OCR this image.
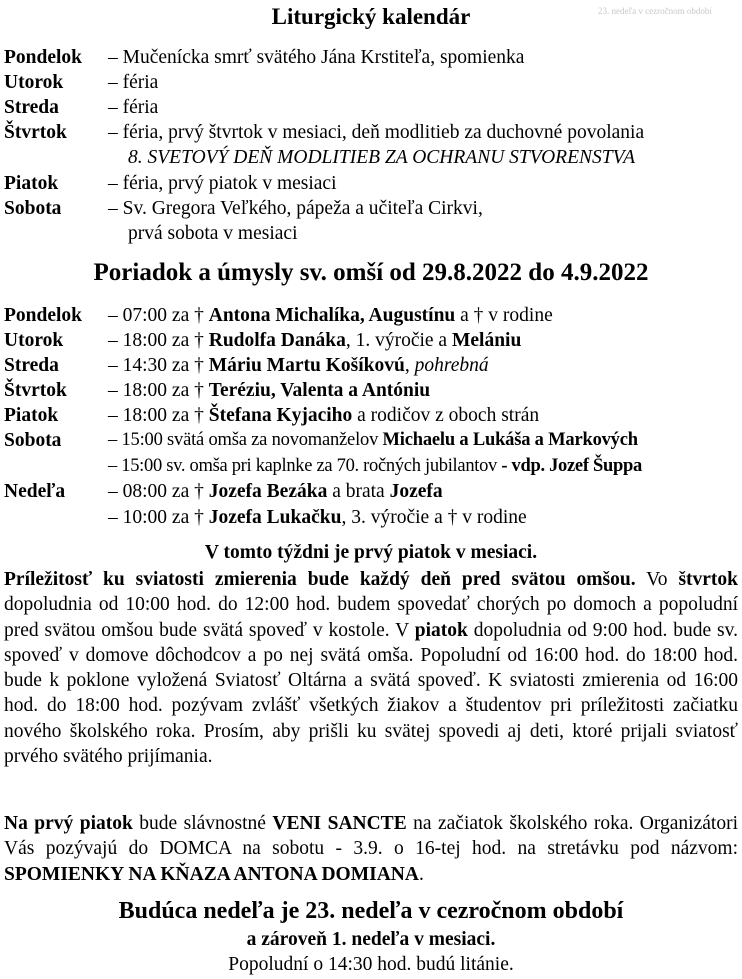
23. nedeľa v cezročnom období
Liturgický kalendár
Pondelok – Mučenícka smrť svätého Jána Krstiteľa, spomienka
Utorok – féria
Streda	– féria
Štvrtok – féria, prvý štvrtok v mesiaci, deň modlitieb za duchovné povolania
8. SVETOVÝ DEŇ MODLITIEB ZA OCHRANU STVORENSTVA
Piatok	– féria, prvý piatok v mesiaci
Sobota – Sv. Gregora Veľkého, pápeža a učiteľa Cirkvi,
prvá sobota v mesiaci
Poriadok a úmysly sv. omší od 29.8.2022 do 4.9.2022
Pondelok – 07:00 za † Antona Michalíka, Augustínu a † v rodine
Utorok – 18:00 za † Rudolfa Danáka, 1. výročie a Melániu
Streda	– 14:30 za † Máriu Martu Košíkovú, pohrebná
Štvrtok – 18:00 za † Teréziu, Valenta a Antóniu
Piatok	– 18:00 za † Štefana Kyjaciho a rodičov z oboch strán
Sobota	– 15:00 svätá omša za novomanželov Michaelu a Lukáša a Markových
– 15:00 sv. omša pri kaplnke za 70. ročných jubilantov - vdp. Jozef Šuppa
Nedeľa – 08:00 za † Jozefa Bezáka a brata Jozefa
– 10:00 za † Jozefa Lukačku, 3. výročie a † v rodine
V tomto týždni je prvý piatok v mesiaci.
Príležitosť ku sviatosti zmierenia bude každý deň pred svätou omšou. Vo štvrtok dopoludnia od 10:00 hod. do 12:00 hod. budem spovedať chorých po domoch a popoludní pred svätou omšou bude svätá spoveď v kostole. V piatok dopoludnia od 9:00 hod. bude sv. spoveď v domove dôchodcov a po nej svätá omša. Popoludní od 16:00 hod. do 18:00 hod. bude k poklone vyložená Sviatosť Oltárna a svätá spoveď. K sviatosti zmierenia od 16:00 hod. do 18:00 hod. pozývam zvlášť všetkých žiakov a študentov pri príležitosti začiatku nového školského roka. Prosím, aby prišli ku svätej spovedi aj deti, ktoré prijali sviatosť prvého svätého prijímania.
Na prvý piatok bude slávnostné VENI SANCTE na začiatok školského roka. Organizátori Vás pozývajú do DOMCA na sobotu - 3.9. o 16-tej hod. na stretávku pod názvom: SPOMIENKY NA KŇAZA ANTONA DOMIANA.
Budúca nedeľa je 23. nedeľa v cezročnom období
a zároveň 1. nedeľa v mesiaci.
Popoludní o 14:30 hod. budú litánie.
